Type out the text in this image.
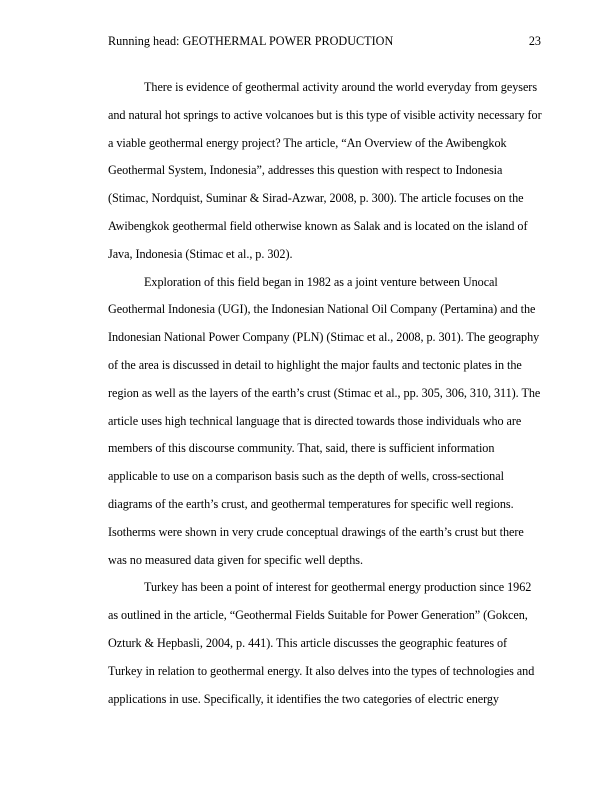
Running head: GEOTHERMAL POWER PRODUCTION	23
There is evidence of geothermal activity around the world everyday from geysers
and natural hot springs to active volcanoes but is this type of visible activity necessary for
a viable geothermal energy project? The article, “An Overview of the Awibengkok
Geothermal System, Indonesia”, addresses this question with respect to Indonesia
(Stimac, Nordquist, Suminar & Sirad-Azwar, 2008, p. 300). The article focuses on the
Awibengkok geothermal field otherwise known as Salak and is located on the island of
Java, Indonesia (Stimac et al., p. 302).
Exploration of this field began in 1982 as a joint venture between Unocal
Geothermal Indonesia (UGI), the Indonesian National Oil Company (Pertamina) and the
Indonesian National Power Company (PLN) (Stimac et al., 2008, p. 301). The geography
of the area is discussed in detail to highlight the major faults and tectonic plates in the
region as well as the layers of the earth’s crust (Stimac et al., pp. 305, 306, 310, 311). The
article uses high technical language that is directed towards those individuals who are
members of this discourse community. That, said, there is sufficient information
applicable to use on a comparison basis such as the depth of wells, cross-sectional
diagrams of the earth’s crust, and geothermal temperatures for specific well regions.
Isotherms were shown in very crude conceptual drawings of the earth’s crust but there
was no measured data given for specific well depths.
Turkey has been a point of interest for geothermal energy production since 1962
as outlined in the article, “Geothermal Fields Suitable for Power Generation” (Gokcen,
Ozturk & Hepbasli, 2004, p. 441). This article discusses the geographic features of
Turkey in relation to geothermal energy. It also delves into the types of technologies and
applications in use. Specifically, it identifies the two categories of electric energy
